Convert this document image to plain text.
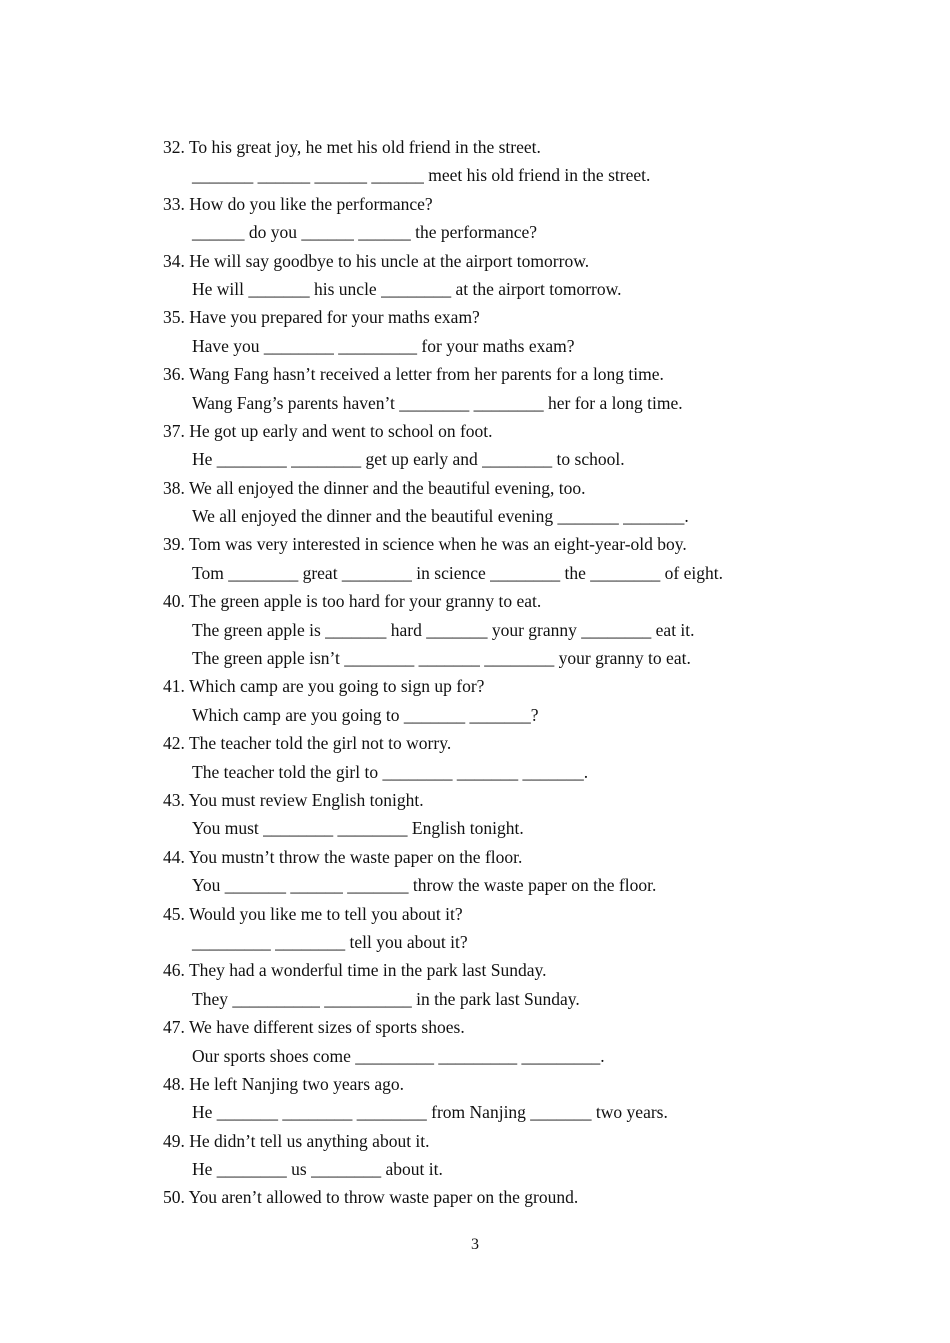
32. To his great joy, he met his old friend in the street.
_______ ______ ______ ______ meet his old friend in the street.
33. How do you like the performance?
______ do you ______ ______ the performance?
34. He will say goodbye to his uncle at the airport tomorrow.
He will _______ his uncle ________ at the airport tomorrow.
35. Have you prepared for your maths exam?
Have you ________ _________ for your maths exam?
36. Wang Fang hasn’t received a letter from her parents for a long time.
Wang Fang’s parents haven’t ________ ________ her for a long time.
37. He got up early and went to school on foot.
He ________ ________ get up early and ________ to school.
38. We all enjoyed the dinner and the beautiful evening, too.
We all enjoyed the dinner and the beautiful evening _______ _______.
39. Tom was very interested in science when he was an eight-year-old boy.
Tom ________ great ________ in science ________ the ________ of eight.
40. The green apple is too hard for your granny to eat.
The green apple is _______ hard _______ your granny ________ eat it.
The green apple isn’t ________ _______ ________ your granny to eat.
41. Which camp are you going to sign up for?
Which camp are you going to _______ _______?
42. The teacher told the girl not to worry.
The teacher told the girl to ________ _______ _______.
43. You must review English tonight.
You must ________ ________ English tonight.
44. You mustn’t throw the waste paper on the floor.
You _______ ______ _______ throw the waste paper on the floor.
45. Would you like me to tell you about it?
_________ ________ tell you about it?
46. They had a wonderful time in the park last Sunday.
They __________ __________ in the park last Sunday.
47. We have different sizes of sports shoes.
Our sports shoes come _________ _________ _________.
48. He left Nanjing two years ago.
He _______ ________ ________ from Nanjing _______ two years.
49. He didn’t tell us anything about it.
He ________ us ________ about it.
50. You aren’t allowed to throw waste paper on the ground.
3
